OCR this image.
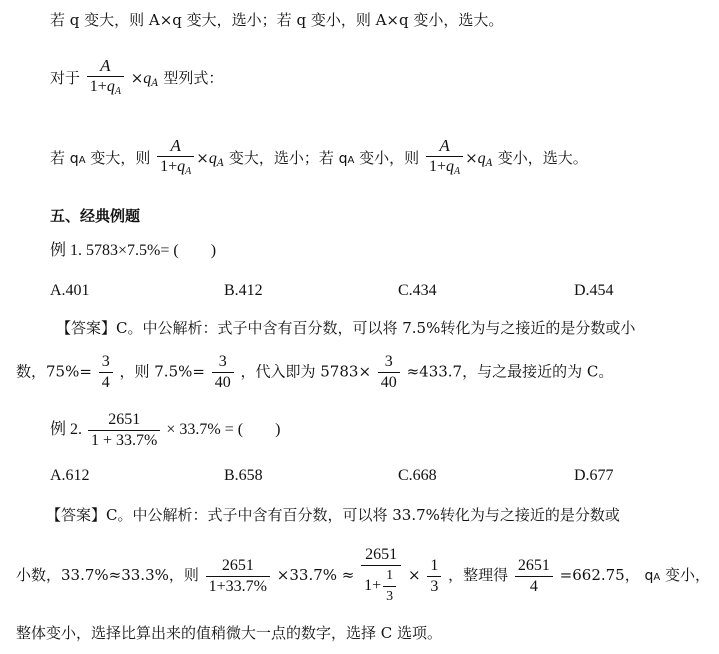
若 q 变大，则 A×q 变大，选小；若 q 变小，则 A×q 变小，选大。
对于 $\frac{A}{1+q_A} \times q_A$ 型列式：
若 qA 变大，则 $\frac{A}{1+q_A} \times q_A$ 变大，选小；若 qA 变小，则 $\frac{A}{1+q_A} \times q_A$ 变小，选大。
五、经典例题
例 1. 5783×7.5%= (　　)
A.401	B.412	C.434	D.454
【答案】C。中公解析：式子中含有百分数，可以将 7.5%转化为与之接近的是分数或小
数，$75\%= \frac{3}{4}$ ，则 $7.5\%= \frac{3}{40}$ ，代入即为 $5783\times \frac{3}{40} \approx 433.7$，与之最接近的为 C。
例 2. $\frac{2651}{1 + 33.7\%} \times 33.7\%$ = (　　)
A.612	B.658	C.668	D.677
【答案】C。中公解析：式子中含有百分数，可以将 33.7%转化为与之接近的是分数或
小数，33.7%≈33.3%，则 $\frac{2651}{1+33.7\%} \times 33.7\% \approx \frac{2651}{1+ \frac{1}{3}} \times \frac{1}{3}$ ，整理得 $\frac{2651}{4} =662.75$， qA 变小，
整体变小，选择比算出来的值稍微大一点的数字，选择 C 选项。
